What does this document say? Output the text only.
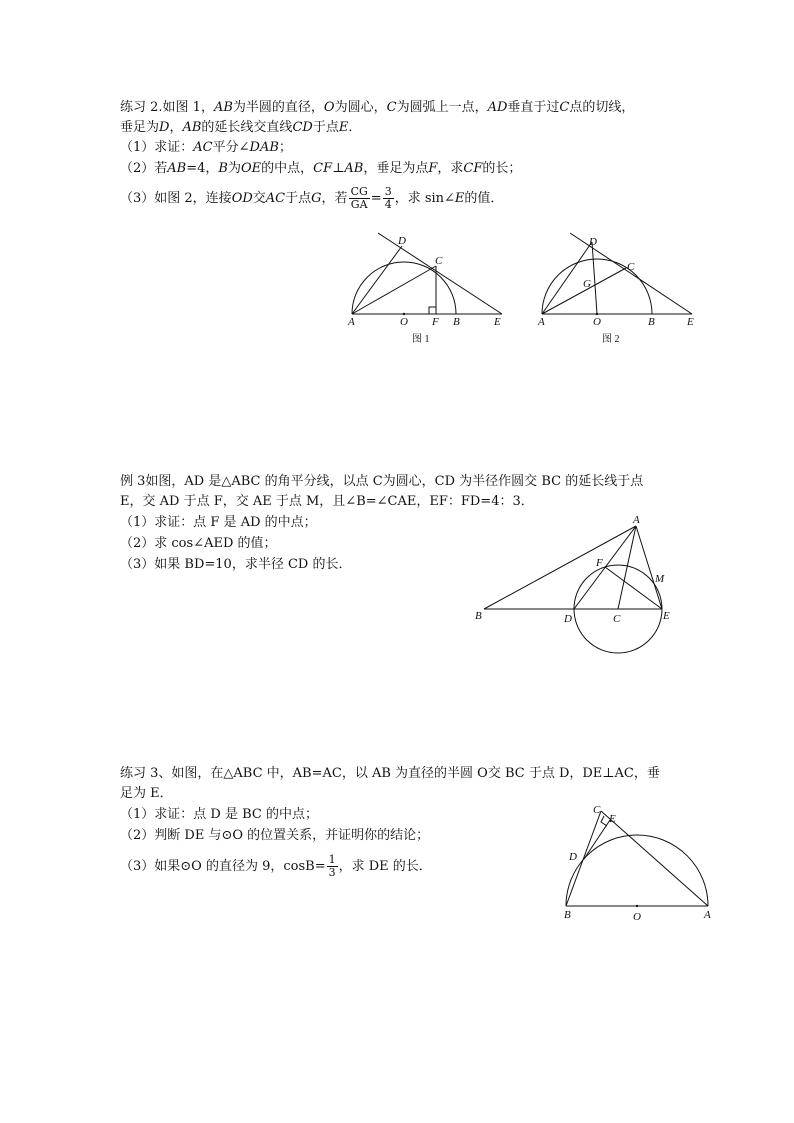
练习 2.如图 1，AB为半圆的直径，O为圆心，C为圆弧上一点，AD垂直于过C点的切线，
垂足为D，AB的延长线交直线CD于点E．
（1）求证：AC平分∠DAB；
（2）若AB=4，B为OE的中点，CF⊥AB，垂足为点F，求CF的长；
（3）如图 2，连接OD交AC于点G，若 $\frac{CG}{GA} = \frac{3}{4}$ ，求 sin∠E的值．
A	O F B	E
D
C
图 1
A	O	B	E
D
C
G
图 2
例 3如图，AD 是△ABC 的角平分线，以点 C为圆心，CD 为半径作圆交 BC 的延长线于点
E，交 AD 于点 F，交 AE 于点 M，且∠B=∠CAE，EF：FD=4：3．
（1）求证：点 F 是 AD 的中点；
（2）求 cos∠AED 的值；
（3）如果 BD=10，求半径 CD 的长．
A
F
M
B	D	C	E
练习 3、如图，在△ABC 中，AB=AC，以 AB 为直径的半圆 O交 BC 于点 D，DE⊥AC，垂
足为 E．
（1）求证：点 D 是 BC 的中点；
（2）判断 DE 与⊙O 的位置关系，并证明你的结论；
（3）如果⊙O 的直径为 9，$\cos B= \frac{1}{3}$ ，求 DE 的长．
C
E
D
B	O	A
